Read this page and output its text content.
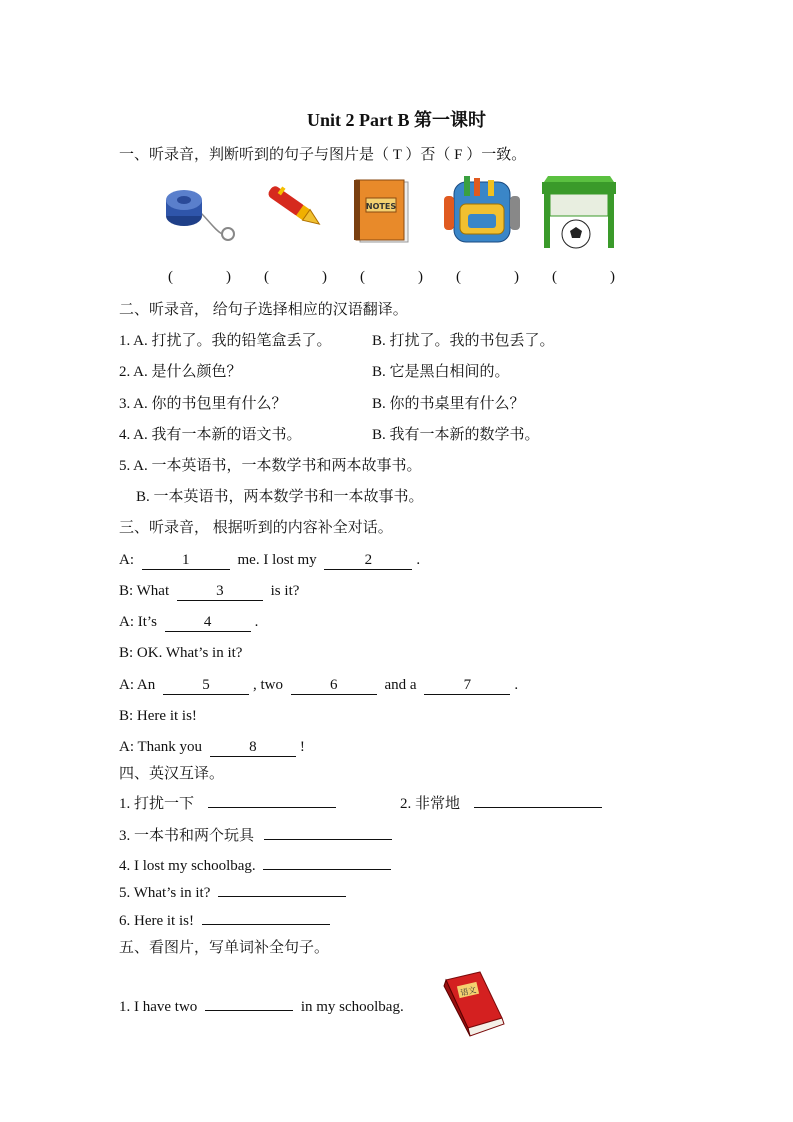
Unit 2 Part B 第一课时
一、听录音，判断听到的句子与图片是（ T ）否（ F ）一致。
NOTES
(	) (	) (	) (	) (	)
二、听录音， 给句子选择相应的汉语翻译。
1. A. 打扰了。我的铅笔盒丢了。	B. 打扰了。我的书包丢了。
2. A. 是什么颜色？	B. 它是黑白相间的。
3. A. 你的书包里有什么？	B. 你的书桌里有什么？
4. A. 我有一本新的语文书。	B. 我有一本新的数学书。
5. A. 一本英语书，一本数学书和两本故事书。
B. 一本英语书，两本数学书和一本故事书。
三、听录音， 根据听到的内容补全对话。
A:	1	me. I lost my	2	.
B: What	3	is it?
A: It’s	4	.
B: OK. What’s in it?
A: An	5	, two	6	and a	7	.
B: Here it is!
A: Thank you	8	!
四、英汉互译。
1. 打扰一下	2. 非常地
3. 一本书和两个玩具
4. I lost my schoolbag.
5. What’s in it?
6. Here it is!
五、看图片，写单词补全句子。
1. I have two	in my schoolbag.
语文
